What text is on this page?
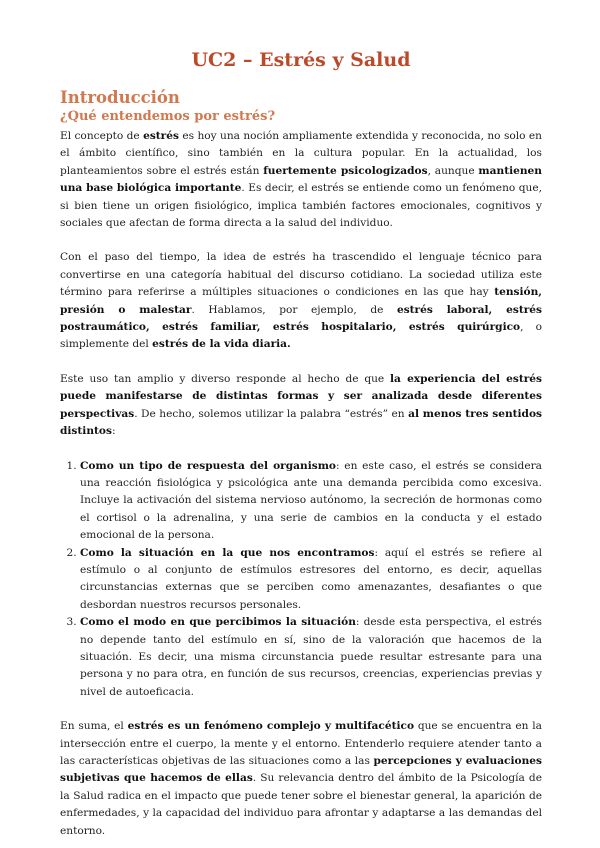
UC2 – Estrés y Salud
Introducción
¿Qué entendemos por estrés?

El concepto de estrés es hoy una noción ampliamente extendida y reconocida, no solo en el ámbito científico, sino también en la cultura popular. En la actualidad, los planteamientos sobre el estrés están fuertemente psicologizados, aunque mantienen una base biológica importante. Es decir, el estrés se entiende como un fenómeno que, si bien tiene un origen fisiológico, implica también factores emocionales, cognitivos y sociales que afectan de forma directa a la salud del individuo.

Con el paso del tiempo, la idea de estrés ha trascendido el lenguaje técnico para convertirse en una categoría habitual del discurso cotidiano. La sociedad utiliza este término para referirse a múltiples situaciones o condiciones en las que hay tensión, presión o malestar. Hablamos, por ejemplo, de estrés laboral, estrés postraumático, estrés familiar, estrés hospitalario, estrés quirúrgico, o simplemente del estrés de la vida diaria.

Este uso tan amplio y diverso responde al hecho de que la experiencia del estrés puede manifestarse de distintas formas y ser analizada desde diferentes perspectivas. De hecho, solemos utilizar la palabra “estrés” en al menos tres sentidos distintos:

1. Como un tipo de respuesta del organismo: en este caso, el estrés se considera una reacción fisiológica y psicológica ante una demanda percibida como excesiva. Incluye la activación del sistema nervioso autónomo, la secreción de hormonas como el cortisol o la adrenalina, y una serie de cambios en la conducta y el estado emocional de la persona.
2. Como la situación en la que nos encontramos: aquí el estrés se refiere al estímulo o al conjunto de estímulos estresores del entorno, es decir, aquellas circunstancias externas que se perciben como amenazantes, desafiantes o que desbordan nuestros recursos personales.
3. Como el modo en que percibimos la situación: desde esta perspectiva, el estrés no depende tanto del estímulo en sí, sino de la valoración que hacemos de la situación. Es decir, una misma circunstancia puede resultar estresante para una persona y no para otra, en función de sus recursos, creencias, experiencias previas y nivel de autoeficacia.

En suma, el estrés es un fenómeno complejo y multifacético que se encuentra en la intersección entre el cuerpo, la mente y el entorno. Entenderlo requiere atender tanto a las características objetivas de las situaciones como a las percepciones y evaluaciones subjetivas que hacemos de ellas. Su relevancia dentro del ámbito de la Psicología de la Salud radica en el impacto que puede tener sobre el bienestar general, la aparición de enfermedades, y la capacidad del individuo para afrontar y adaptarse a las demandas del entorno.
